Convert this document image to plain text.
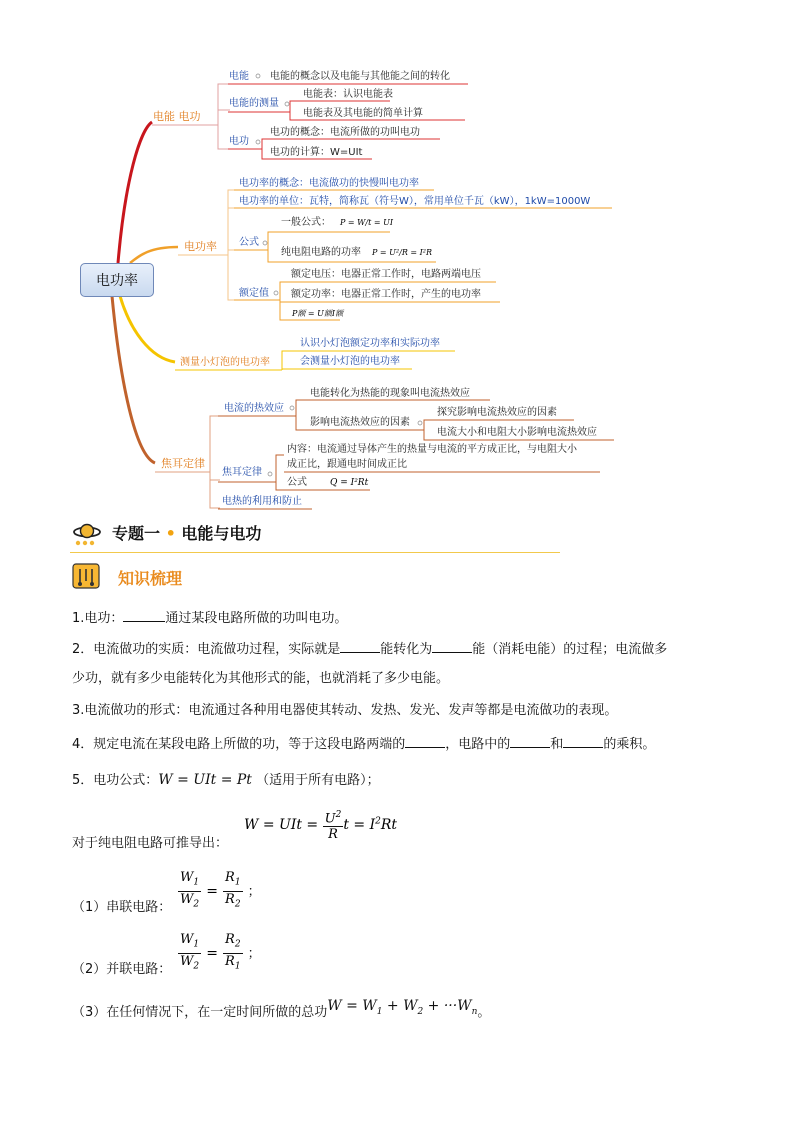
电功率
电能 电功
电能 电能的概念以及电能与其他能之间的转化
电能的测量
电能表：认识电能表
电能表及其电能的简单计算
电功
电功的概念：电流所做的功叫电功
电功的计算：W=UIt
电功率
电功率的概念：电流做功的快慢叫电功率
电功率的单位：瓦特，简称瓦（符号W），常用单位千瓦（kW），1kW=1000W
公式
一般公式：
纯电阻电路的功率
额定电压：电器正常工作时，电路两端电压
额定值 额定功率：电器正常工作时，产生的电功率
P额 = U额I额
测量小灯泡的电功率
认识小灯泡额定功率和实际功率
会测量小灯泡的电功率
焦耳定律
电流的热效应
电能转化为热能的现象叫电流热效应
影响电流热效应的因素
探究影响电流热效应的因素
电流大小和电阻大小影响电流热效应
内容：电流通过导体产生的热量与电流的平方成正比，与电阻大小
焦耳定律
成正比，跟通电时间成正比
公式	Q = I²Rt
电热的利用和防止
P = W/t = UI
P = U²/R = I²R
专题一 • 电能与电功
知识梳理
1.电功：	通过某段电路所做的功叫电功。
2．电流做功的实质：电流做功过程，实际就是	能转化为	能（消耗电能）的过程；电流做多
少功，就有多少电能转化为其他形式的能，也就消耗了多少电能。
3.电流做功的形式：电流通过各种用电器使其转动、发热、发光、发声等都是电流做功的表现。
4．规定电流在某段电路上所做的功，等于这段电路两端的	，电路中的	和	的乘积。
5．电功公式：W = UIt = Pt （适用于所有电路）；
W = UIt = $\frac{U^2}{R}$ $t = I^2Rt$
对于纯电阻电路可推导出：
$\frac{W_1}{W_2} = \frac{R_1}{R_2}$ ；
（1）串联电路：
$\frac{W_1}{W_2} = \frac{R_2}{R_1}$ ；
（2）并联电路：
（3）在任何情况下，在一定时间所做的总功$W = W_1 + W_2 + \cdot\cdot\cdot W_n$。
